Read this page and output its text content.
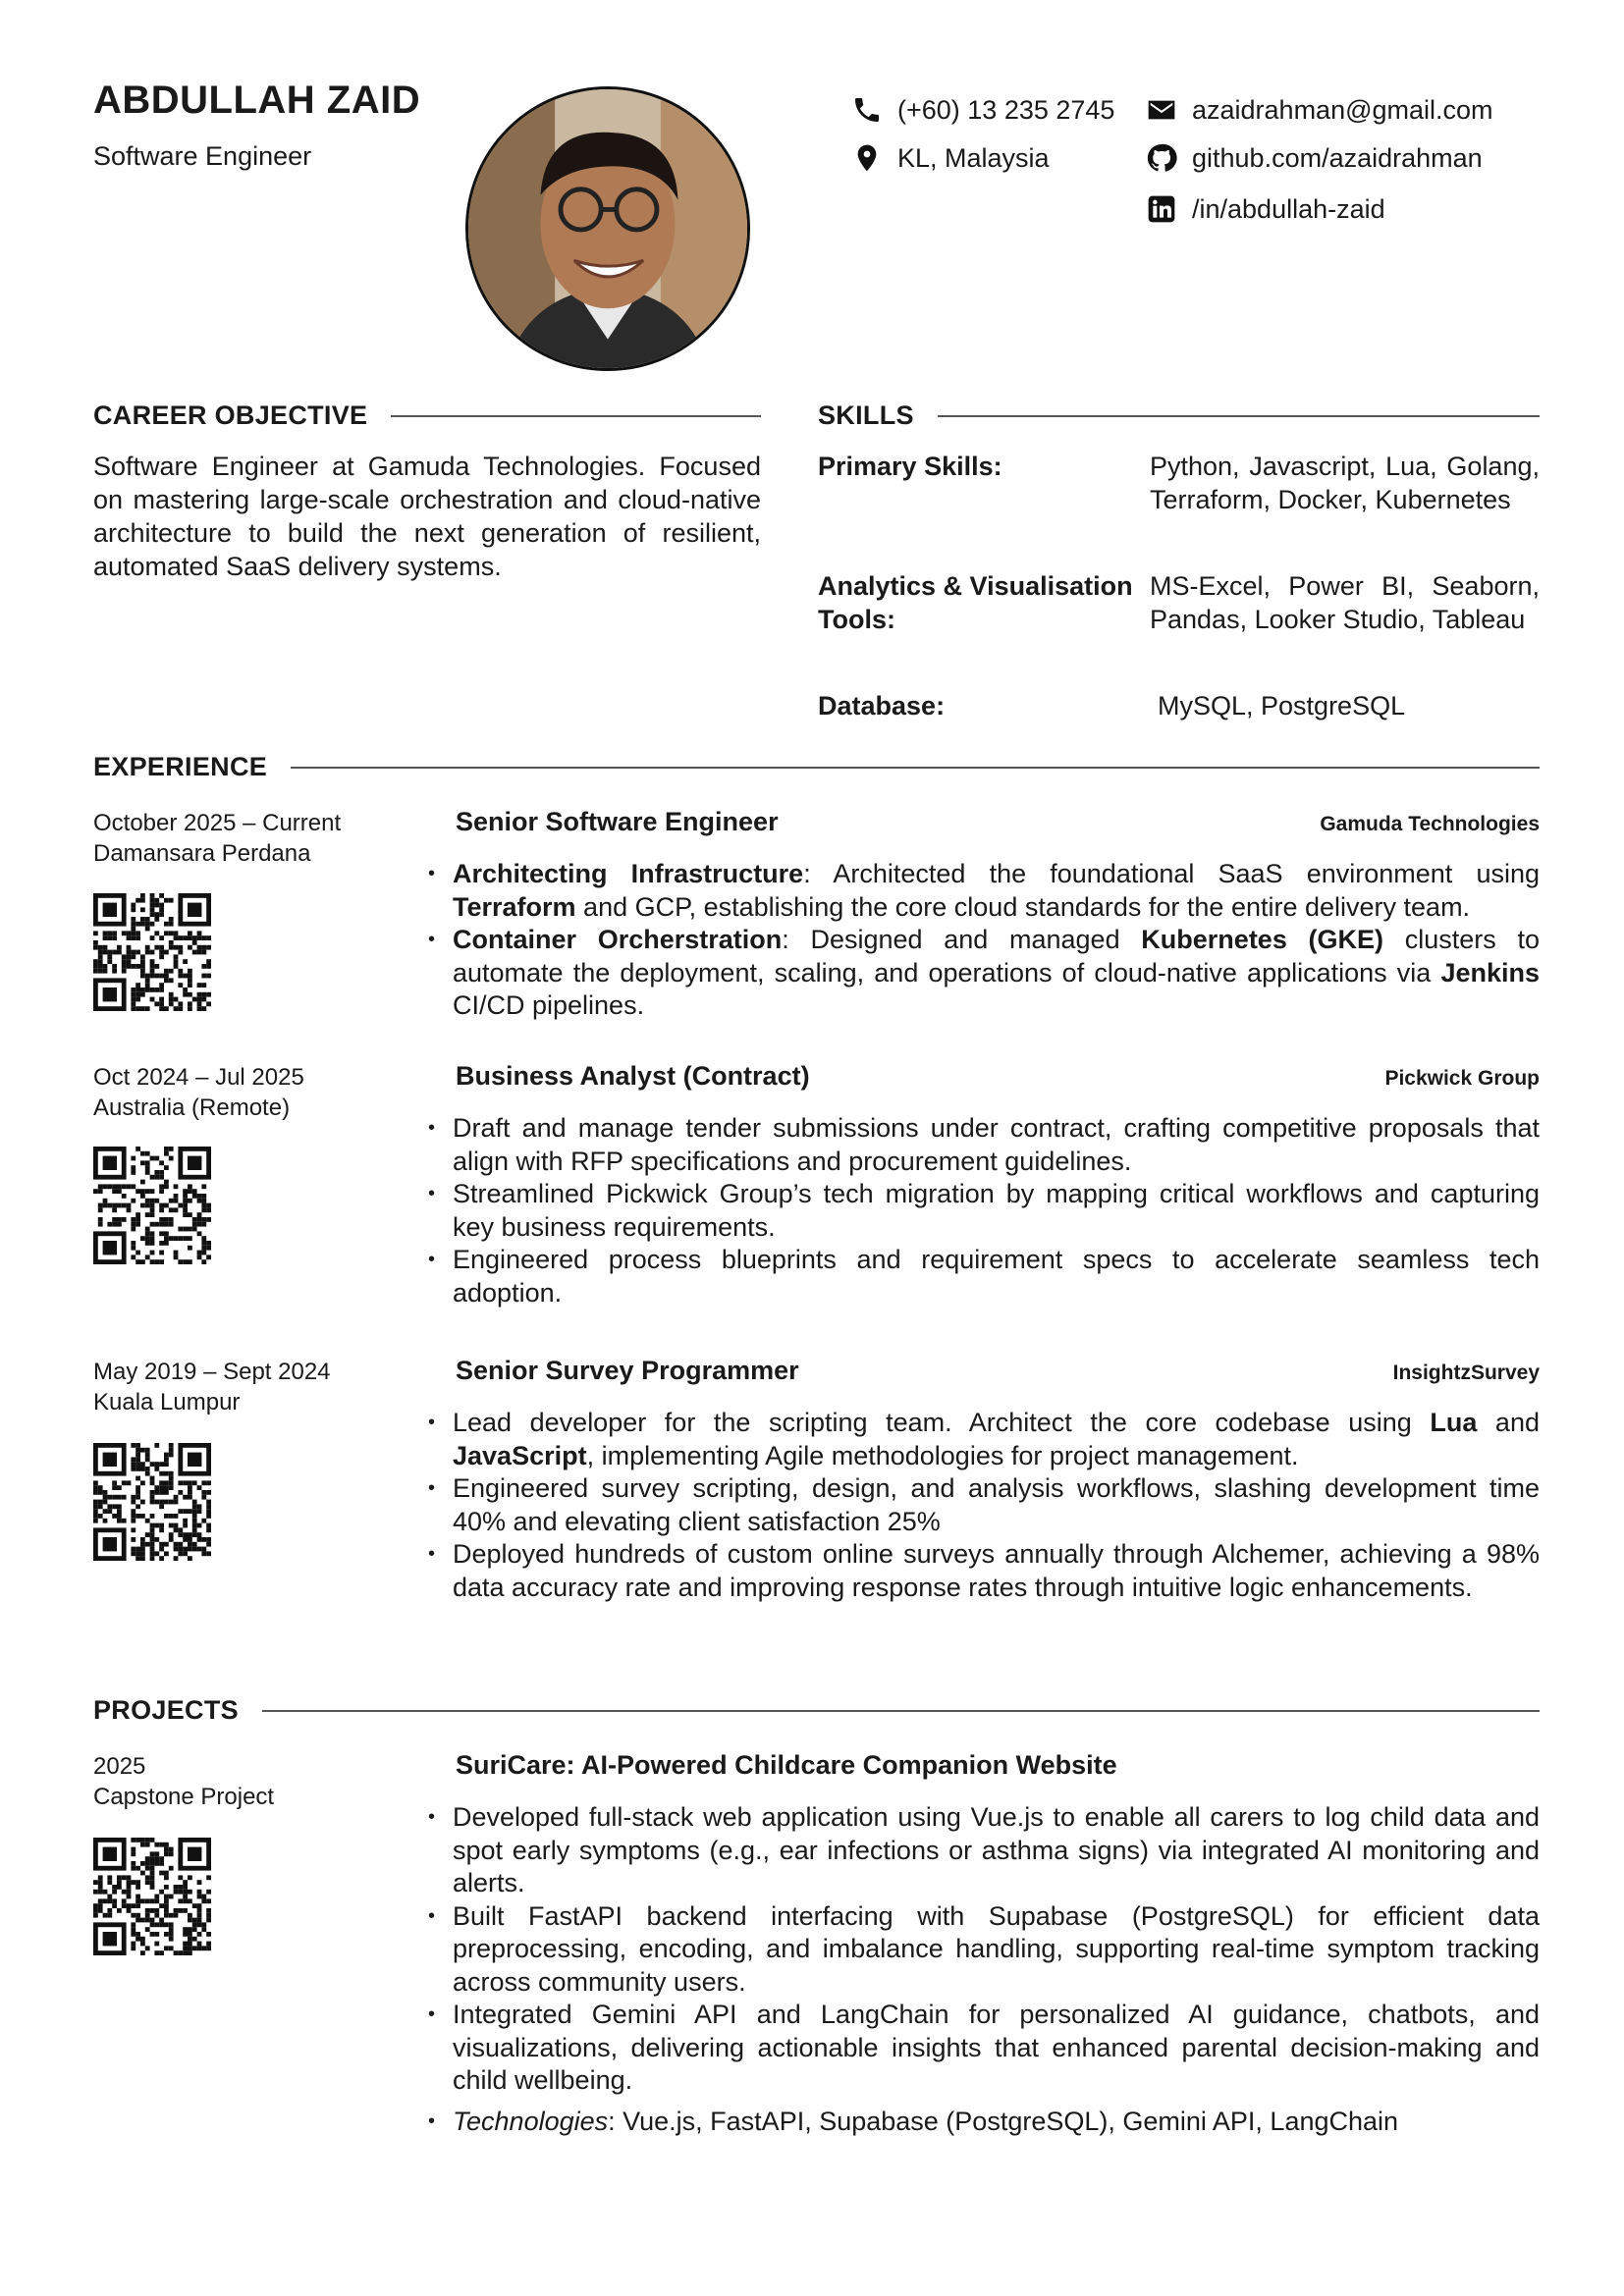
ABDULLAH ZAID
Software Engineer
(+60) 13 235 2745
KL, Malaysia
azaidrahman@gmail.com
github.com/azaidrahman
/in/abdullah-zaid
CAREER OBJECTIVE
Software Engineer at Gamuda Technologies. Focused on mastering large-scale orchestration and cloud-native architecture to build the next generation of resilient, automated SaaS delivery systems.
SKILLS
Primary Skills:	Python, Javascript, Lua, Golang, Terraform, Docker, Kubernetes
Analytics & Visualisation Tools:
MS-Excel, Power BI, Seaborn, Pandas, Looker Studio, Tableau
Database:	MySQL, PostgreSQL
EXPERIENCE
October 2025 – Current
Damansara Perdana
Senior Software Engineer	Gamuda Technologies
• Architecting Infrastructure: Architected the foundational SaaS environment using Terraform and GCP, establishing the core cloud standards for the entire delivery team.
• Container Orcherstration: Designed and managed Kubernetes (GKE) clusters to automate the deployment, scaling, and operations of cloud-native applications via Jenkins CI/CD pipelines.
Oct 2024 – Jul 2025
Australia (Remote)
Business Analyst (Contract)	Pickwick Group
• Draft and manage tender submissions under contract, crafting competitive proposals that align with RFP specifications and procurement guidelines.
• Streamlined Pickwick Group’s tech migration by mapping critical workflows and capturing key business requirements.
• Engineered process blueprints and requirement specs to accelerate seamless tech adoption.
May 2019 – Sept 2024
Kuala Lumpur
Senior Survey Programmer	InsightzSurvey
• Lead developer for the scripting team. Architect the core codebase using Lua and JavaScript, implementing Agile methodologies for project management.
• Engineered survey scripting, design, and analysis workflows, slashing development time 40% and elevating client satisfaction 25%
• Deployed hundreds of custom online surveys annually through Alchemer, achieving a 98% data accuracy rate and improving response rates through intuitive logic enhancements.
PROJECTS
2025
Capstone Project
SuriCare: AI-Powered Childcare Companion Website
• Developed full-stack web application using Vue.js to enable all carers to log child data and spot early symptoms (e.g., ear infections or asthma signs) via integrated AI monitoring and alerts.
• Built FastAPI backend interfacing with Supabase (PostgreSQL) for efficient data preprocessing, encoding, and imbalance handling, supporting real-time symptom tracking across community users.
• Integrated Gemini API and LangChain for personalized AI guidance, chatbots, and visualizations, delivering actionable insights that enhanced parental decision-making and child wellbeing.
• Technologies: Vue.js, FastAPI, Supabase (PostgreSQL), Gemini API, LangChain
